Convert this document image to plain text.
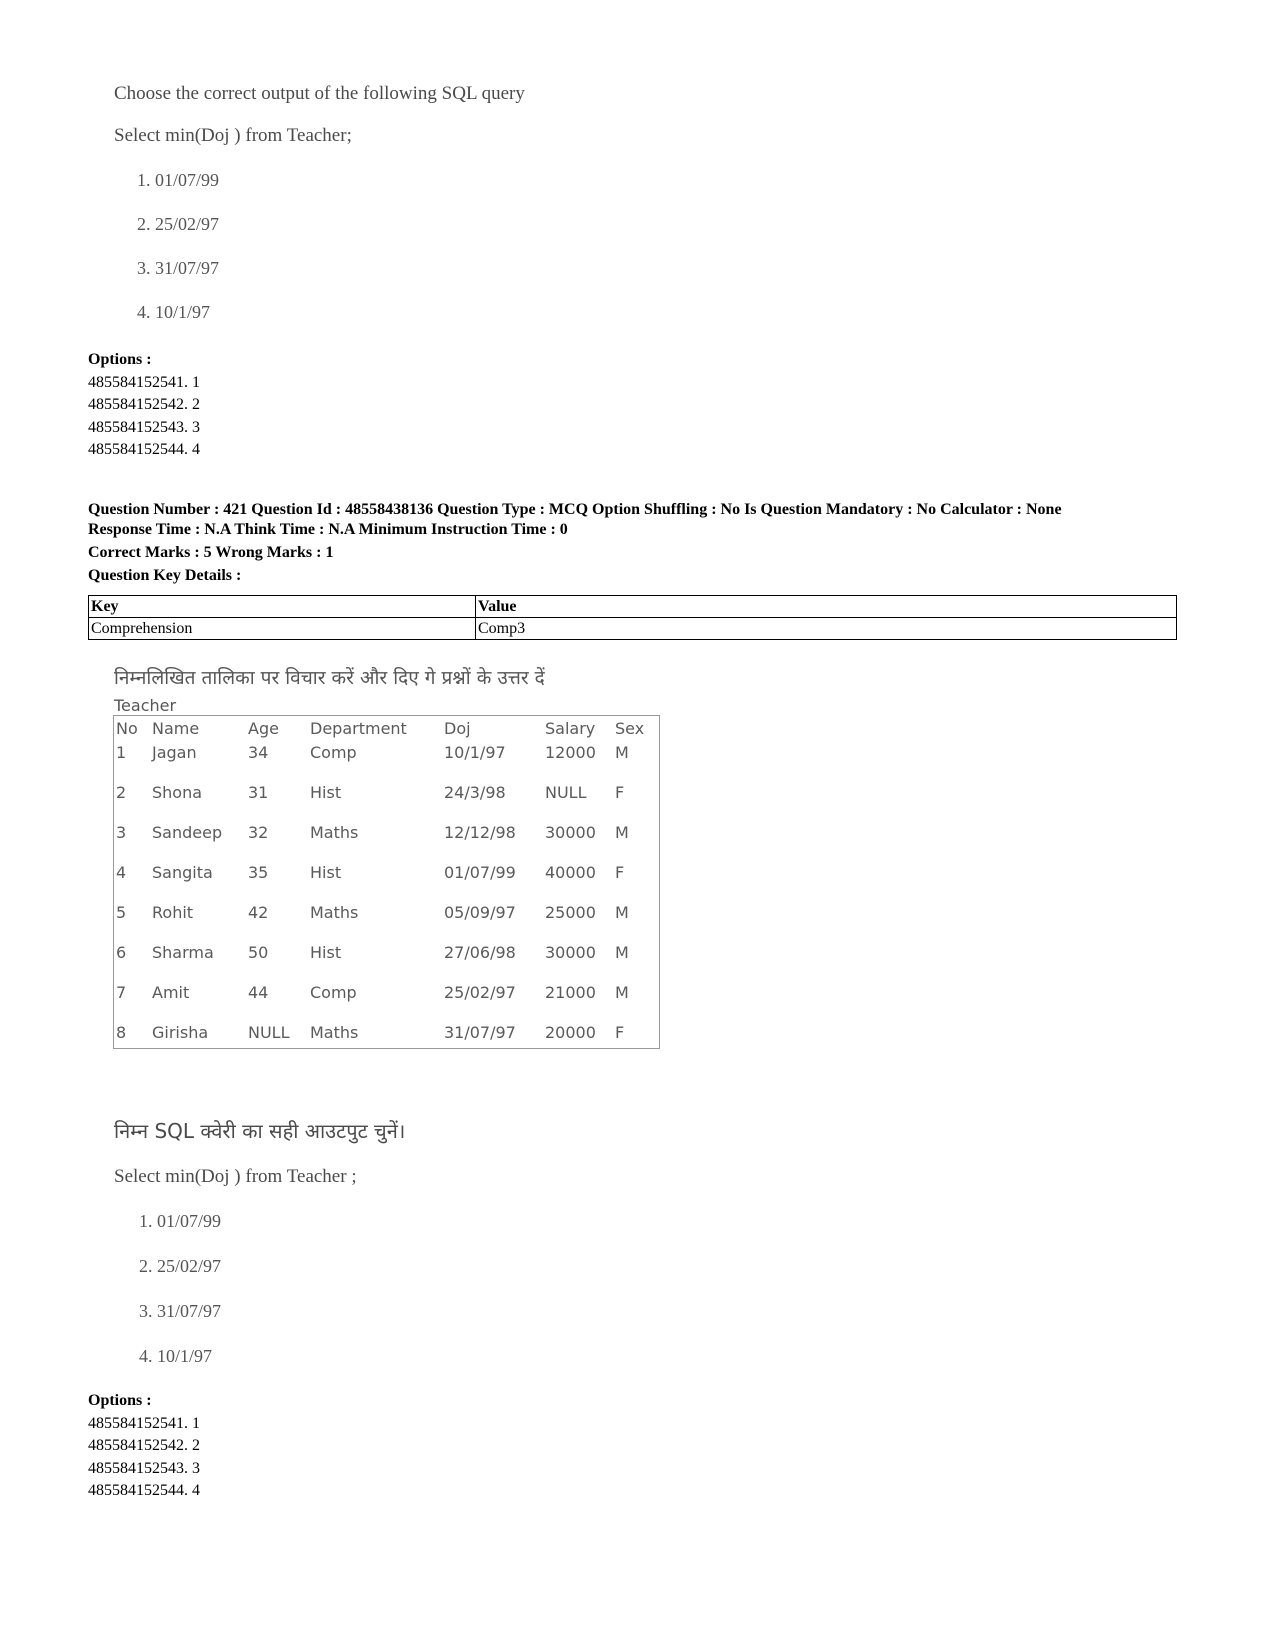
Choose the correct output of the following SQL query
Select min(Doj ) from Teacher;
1. 01/07/99
2. 25/02/97
3. 31/07/97
4. 10/1/97
Options :
485584152541. 1
485584152542. 2
485584152543. 3
485584152544. 4
Question Number : 421 Question Id : 48558438136 Question Type : MCQ Option Shuffling : No Is Question Mandatory : No Calculator : None
Response Time : N.A Think Time : N.A Minimum Instruction Time : 0
Correct Marks : 5 Wrong Marks : 1
Question Key Details :
Key	Value
Comprehension	Comp3
निम्नलिखित तालिका पर विचार करें और दिए गे प्रश्नों के उत्तर दें
Teacher
No Name	Age Department Doj	Salary Sex
1 Jagan	34	Comp	10/1/97 12000 M
2 Shona	31	Hist	24/3/98 NULL F
3 Sandeep 32	Maths	12/12/98 30000 M
4 Sangita 35	Hist	01/07/99 40000 F
5 Rohit	42	Maths	05/09/97 25000 M
6 Sharma 50	Hist	27/06/98 30000 M
7 Amit	44	Comp	25/02/97 21000 M
8 Girisha NULL Maths	31/07/97 20000 F
निम्न SQL क्वेरी का सही आउटपुट चुनें।
Select min(Doj ) from Teacher ;
1. 01/07/99
2. 25/02/97
3. 31/07/97
4. 10/1/97
Options :
485584152541. 1
485584152542. 2
485584152543. 3
485584152544. 4
